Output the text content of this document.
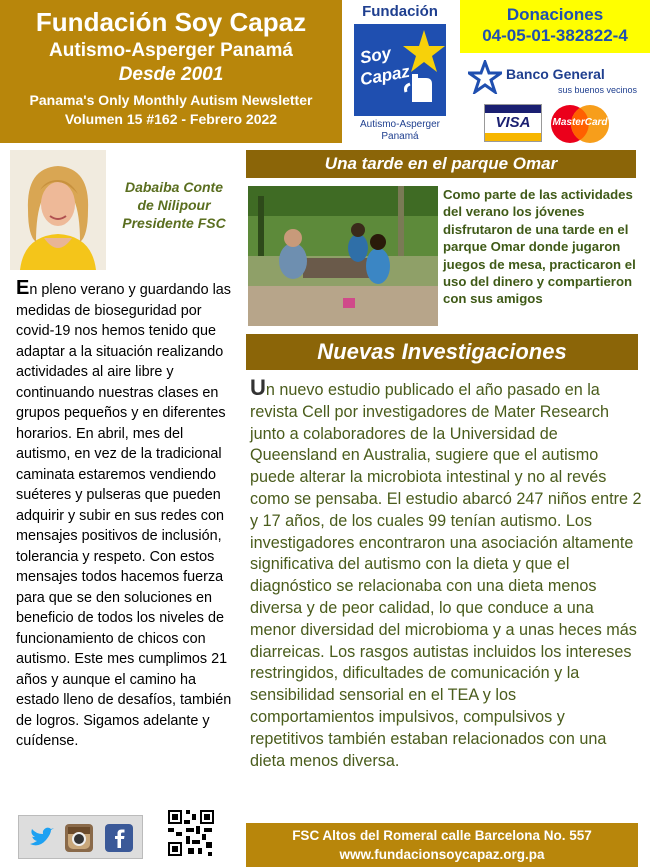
Fundación Soy Capaz
Autismo-Asperger Panamá
Desde 2001
Panama's Only Monthly Autism Newsletter
Volumen 15 #162 - Febrero 2022
Fundación
Soy
Capaz
Autismo-Asperger Panamá
Donaciones
04-05-01-382822-4
Banco General
sus buenos vecinos
VISA	MasterCard
Dabaiba Conte
de Nilipour
Presidente FSC
En pleno verano y guardando las medidas de bioseguridad por covid-19 nos hemos tenido que adaptar a la situación realizando actividades al aire libre y continuando nuestras clases en grupos pequeños y en diferentes horarios. En abril, mes del autismo, en vez de la tradicional caminata estaremos vendiendo suéteres y pulseras que pueden adquirir y subir en sus redes con mensajes positivos de inclusión, tolerancia y respeto. Con estos mensajes todos hacemos fuerza para que se den soluciones en beneficio de todos los niveles de funcionamiento de chicos con autismo. Este mes cumplimos 21 años y aunque el camino ha estado lleno de desafíos, también de logros. Sigamos adelante y cuídense.
Una tarde en el parque Omar
Como parte de las actividades del verano los jóvenes disfrutaron de una tarde en el parque Omar donde jugaron juegos de mesa, practicaron el uso del dinero y compartieron con sus amigos
Nuevas Investigaciones
Un nuevo estudio publicado el año pasado en la revista Cell por investigadores de Mater Research junto a colaboradores de la Universidad de Queensland en Australia, sugiere que el autismo puede alterar la microbiota intestinal y no al revés como se pensaba. El estudio abarcó 247 niños entre 2 y 17 años, de los cuales 99 tenían autismo. Los investigadores encontraron una asociación altamente significativa del autismo con la dieta y que el diagnóstico se relacionaba con una dieta menos diversa y de peor calidad, lo que conduce a una menor diversidad del microbioma y a unas heces más diarreicas. Los rasgos autistas incluidos los intereses restringidos, dificultades de comunicación y la sensibilidad sensorial en el TEA y los comportamientos impulsivos, compulsivos y repetitivos también estaban relacionados con una dieta menos diversa.
FSC Altos del Romeral calle Barcelona No. 557
www.fundacionsoycapaz.org.pa
